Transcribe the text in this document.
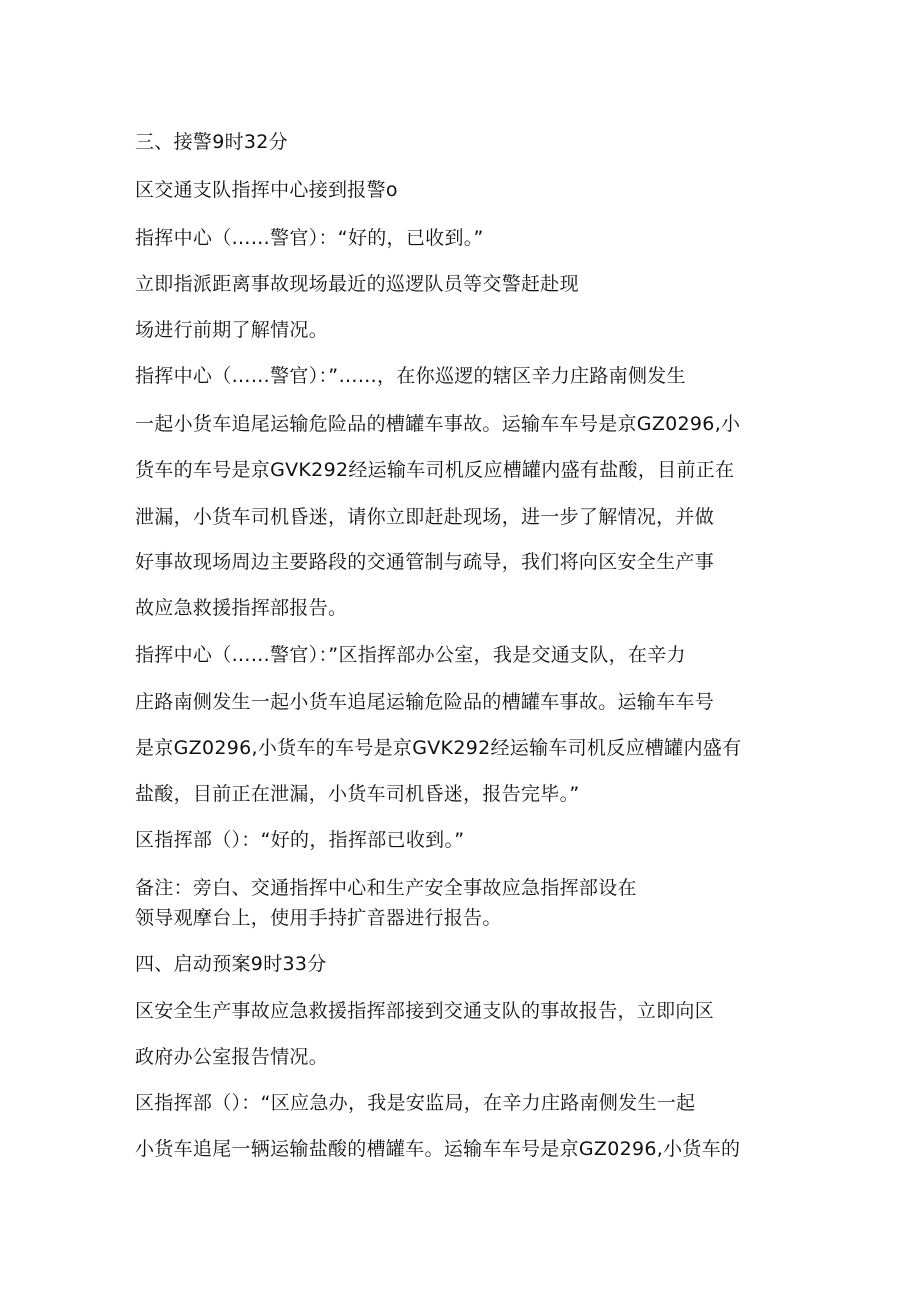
三、接警9时32分
区交通支队指挥中心接到报警o
指挥中心（……警官）：“好的，已收到。”
立即指派距离事故现场最近的巡逻队员等交警赶赴现
场进行前期了解情况。
指挥中心（……警官）：”……，在你巡逻的辖区辛力庄路南侧发生
一起小货车追尾运输危险品的槽罐车事故。运输车车号是京GZ0296,小
货车的车号是京GVK292经运输车司机反应槽罐内盛有盐酸，目前正在
泄漏，小货车司机昏迷，请你立即赶赴现场，进一步了解情况，并做
好事故现场周边主要路段的交通管制与疏导，我们将向区安全生产事
故应急救援指挥部报告。
指挥中心（……警官）：”区指挥部办公室，我是交通支队，在辛力
庄路南侧发生一起小货车追尾运输危险品的槽罐车事故。运输车车号
是京GZ0296,小货车的车号是京GVK292经运输车司机反应槽罐内盛有
盐酸，目前正在泄漏，小货车司机昏迷，报告完毕。”
区指挥部（）：“好的，指挥部已收到。”
备注：旁白、交通指挥中心和生产安全事故应急指挥部设在
领导观摩台上，使用手持扩音器进行报告。
四、启动预案9时33分
区安全生产事故应急救援指挥部接到交通支队的事故报告，立即向区
政府办公室报告情况。
区指挥部（）：“区应急办，我是安监局，在辛力庄路南侧发生一起
小货车追尾一辆运输盐酸的槽罐车。运输车车号是京GZ0296,小货车的
